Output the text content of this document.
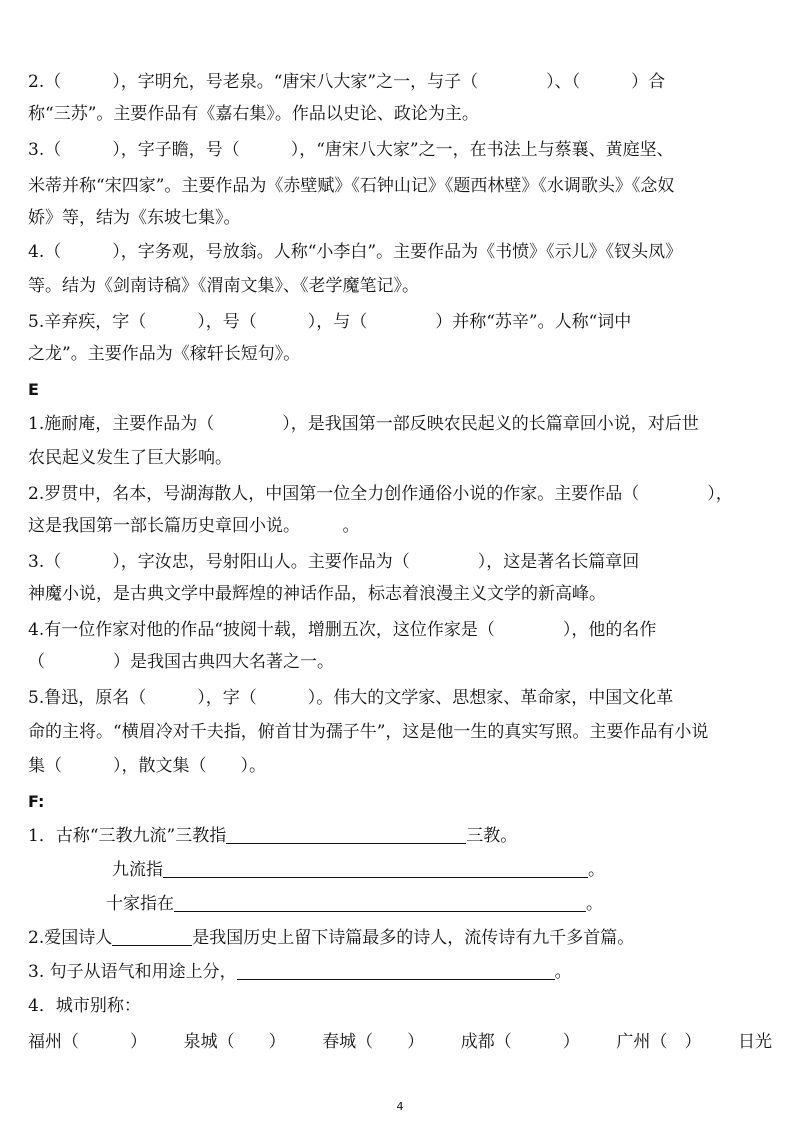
2.（　　　），字明允，号老泉。“唐宋八大家”之一，与子（　　　　）、（　　　）合
称“三苏”。主要作品有《嘉右集》。作品以史论、政论为主。
3.（　　　），字子瞻，号（　　　），“唐宋八大家”之一，在书法上与蔡襄、黄庭坚、
米蒂并称“宋四家”。主要作品为《赤壁赋》《石钟山记》《题西林壁》《水调歌头》《念奴
娇》等，结为《东坡七集》。
4.（　　　），字务观，号放翁。人称“小李白”。主要作品为《书愤》《示儿》《钗头凤》
等。结为《剑南诗稿》《渭南文集》、《老学魔笔记》。
5.辛弃疾，字（　　　），号（　　　），与（　　　　）并称“苏辛”。人称“词中
之龙”。主要作品为《稼轩长短句》。
E
1.施耐庵，主要作品为（　　　　），是我国第一部反映农民起义的长篇章回小说，对后世
农民起义发生了巨大影响。
2.罗贯中，名本，号湖海散人，中国第一位全力创作通俗小说的作家。主要作品（　　　　），
这是我国第一部长篇历史章回小说。　　　。
3.（　　　），字汝忠，号射阳山人。主要作品为（　　　　），这是著名长篇章回
神魔小说，是古典文学中最辉煌的神话作品，标志着浪漫主义文学的新高峰。
4.有一位作家对他的作品“披阅十载，增删五次，这位作家是（　　　　），他的名作
（　　　　）是我国古典四大名著之一。
5.鲁迅，原名（　　　），字（　　　）。伟大的文学家、思想家、革命家，中国文化革
命的主将。“横眉冷对千夫指，俯首甘为孺子牛”，这是他一生的真实写照。主要作品有小说
集（　　　），散文集（　　）。
F:
1．古称“三教九流”三教指	三教。
九流指	。
十家指在	。
2.爱国诗人	是我国历史上留下诗篇最多的诗人，流传诗有九千多首篇。
3. 句子从语气和用途上分，	。
4．城市别称：
福州（　　　） 泉城（　　） 春城（　　） 成都（　　　） 广州（　） 日光
4
